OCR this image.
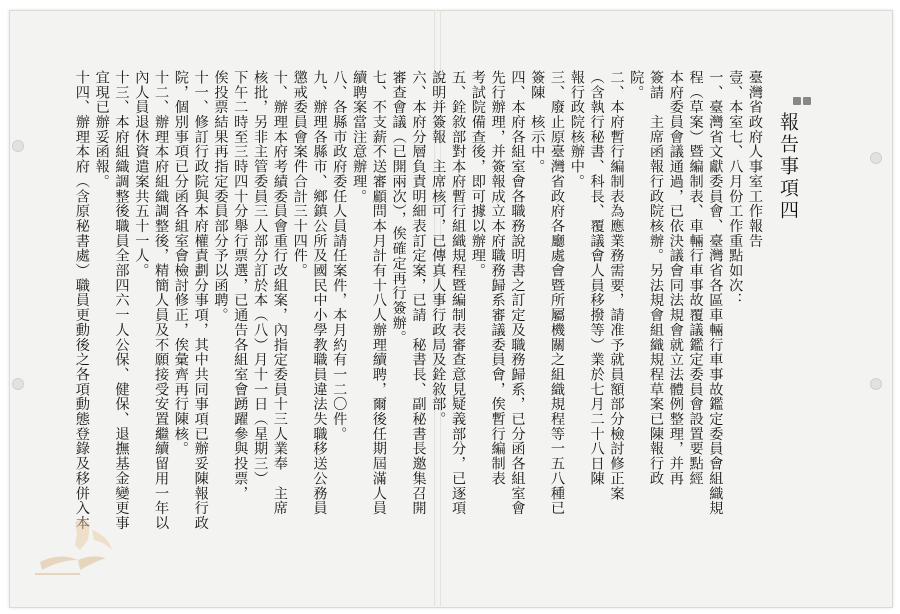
報告事項四
臺灣省政府人事室工作報告
壹、本室七、八月份工作重點如次：
一、臺灣省文獻委員會、臺灣省各區車輛行車事故鑑定委員會組織規
程（草案）暨編制表、車輛行車事故覆議鑑定委員會設置要點經
本府委員會議通過，已依決議會同法規會就立法體例整理，并再
簽請　主席函報行政院核辦。另法規會組織規程草案已陳報行政
院。
二、本府暫行編制表為應業務需要，請准予就員額部分檢討修正案
（含執行秘書、科長、覆議會人員移撥等）業於七月二十八日陳
報行政院核辦中。
三、廢止原臺灣省政府各廳處會暨所屬機關之組織規程等一五八種已
簽陳　核示中。
四、本府各組室會各職務說明書之訂定及職務歸系，已分函各組室會
先行辦理，并簽報成立本府職務歸系審議委員會，俟暫行編制表
考試院備查後，即可據以辦理。
五、銓敘部對本府暫行組織規程暨編制表審查意見疑義部分，已逐項
說明并簽報　主席核可，已傳真人事行政局及銓敘部。
六、本府分層負責明細表訂定案，已請　秘書長、副秘書長邀集召開
審查會議（已開兩次），俟確定再行簽辦。
七、不支薪不送審顧問本月計有十八人辦理續聘，爾後任期屆滿人員
續聘案當注意辦理。
八、各縣市政府委任人員請任案件，本月約有一二〇件。
九、辦理各縣市、鄉鎮公所及國民中小學教職員違法失職移送公務員
懲戒委員會案件合計三十四件。
十、辦理本府考績委員會重行改組案，內指定委員十三人業奉　主席
核批，另非主管委員三人部分訂於本（八）月十一日（星期三）
下午二時至三時四十分舉行票選，已通告各組室會踴躍參與投票，
俟投票結果再指定委員部分予以函聘。
十一、修訂行政院與本府權責劃分事項，其中共同事項已辦妥陳報行政
院，個別事項已分函各組室會檢討修正，俟彙齊再行陳核。
十二、辦理本府組織調整後，精簡人員及不願接受安置繼續留用一年以
內人員退休資遣案共五十一人。
十三、本府組織調整後職員全部四六一人公保、健保、退撫基金變更事
宜現已辦妥函報。
十四、辦理本府（含原秘書處）職員更動後之各項動態登錄及移併入本
